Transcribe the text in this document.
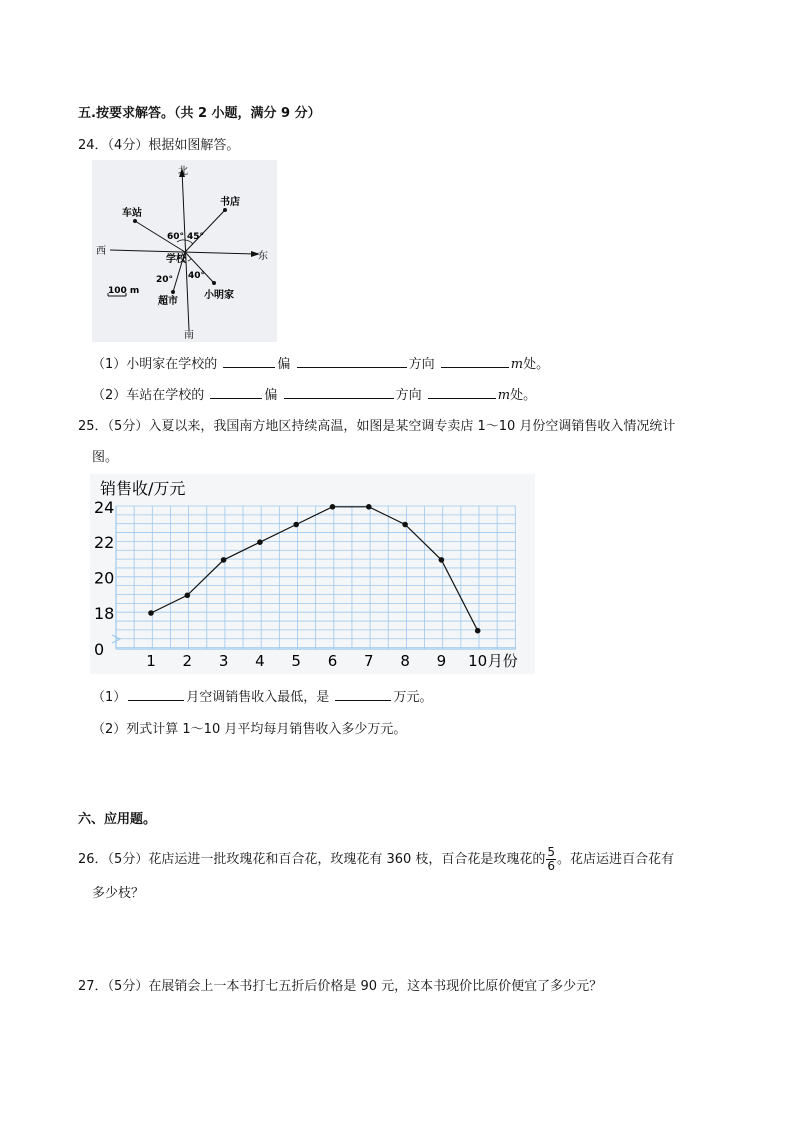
五.按要求解答。（共 2 小题，满分 9 分）
24．（4分）根据如图解答。
北
南
西	东
车站
书店
学校
超市
小明家
60° 45°
20° 40°
100 m
（1）小明家在学校的	偏	方向	m处。
（2）车站在学校的	偏	方向	m处。
25．（5分）入夏以来，我国南方地区持续高温，如图是某空调专卖店 1～10 月份空调销售收入情况统计
图。
0
18
20
22
24
1 2 3 4 5 6 7 8 9 10 月份
销售收/万元
（1）	月空调销售收入最低，是	万元。
（2）列式计算 1～10 月平均每月销售收入多少万元。
六、应用题。
26．（5分）花店运进一批玫瑰花和百合花，玫瑰花有 360 枝，百合花是玫瑰花的 $\frac{5}{6}$ 。花店运进百合花有
多少枝？
27．（5分）在展销会上一本书打七五折后价格是 90 元，这本书现价比原价便宜了多少元？
